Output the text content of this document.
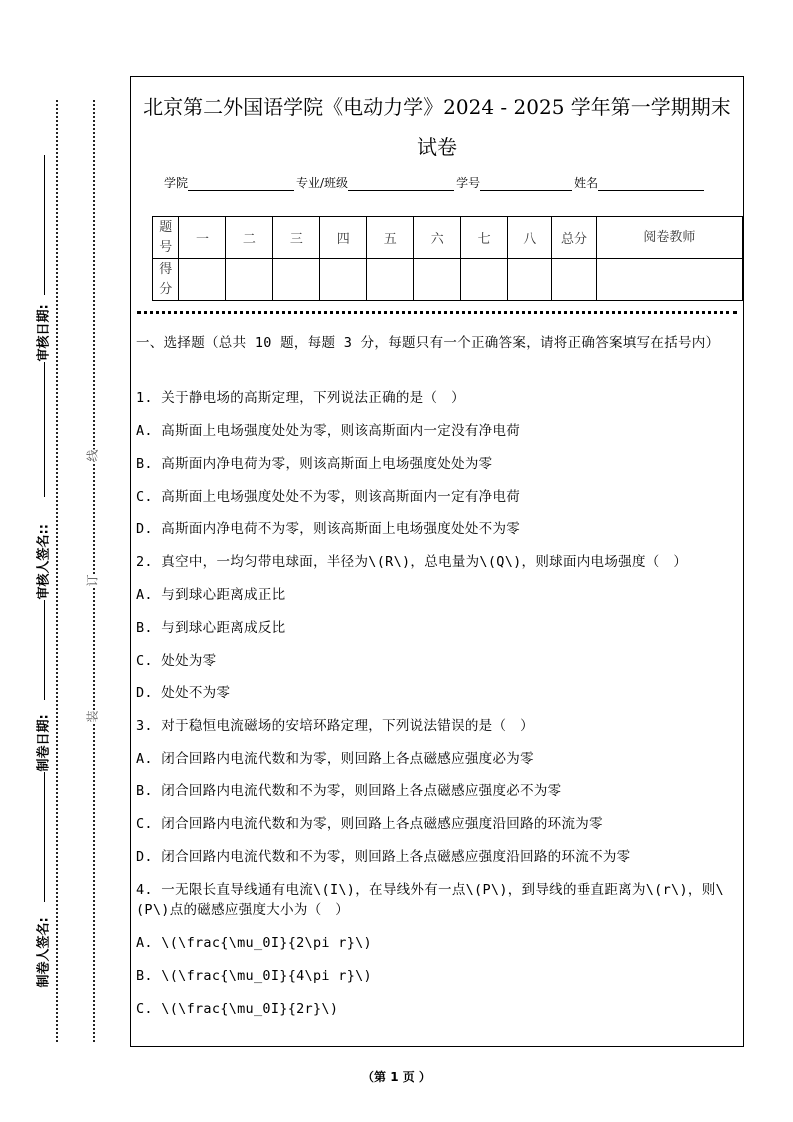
审核日期:
审核人签名::
制卷日期:
制卷人签名:
线
订
装
北京第二外国语学院《电动力学》2024 - 2025 学年第一学期期末
试卷
学院	专业/班级	学号	姓名
题号	一	二	三	四	五	六	七	八	总分	阅卷教师
得分										
一、选择题（总共 10 题，每题 3 分，每题只有一个正确答案，请将正确答案填写在括号内）
1. 关于静电场的高斯定理，下列说法正确的是（　）
A. 高斯面上电场强度处处为零，则该高斯面内一定没有净电荷
B. 高斯面内净电荷为零，则该高斯面上电场强度处处为零
C. 高斯面上电场强度处处不为零，则该高斯面内一定有净电荷
D. 高斯面内净电荷不为零，则该高斯面上电场强度处处不为零
2. 真空中，一均匀带电球面，半径为\(R\)，总电量为\(Q\)，则球面内电场强度（　）
A. 与到球心距离成正比
B. 与到球心距离成反比
C. 处处为零
D. 处处不为零
3. 对于稳恒电流磁场的安培环路定理，下列说法错误的是（　）
A. 闭合回路内电流代数和为零，则回路上各点磁感应强度必为零
B. 闭合回路内电流代数和不为零，则回路上各点磁感应强度必不为零
C. 闭合回路内电流代数和为零，则回路上各点磁感应强度沿回路的环流为零
D. 闭合回路内电流代数和不为零，则回路上各点磁感应强度沿回路的环流不为零
4. 一无限长直导线通有电流\(I\)，在导线外有一点\(P\)，到导线的垂直距离为\(r\)，则\(P\)点的磁感应强度大小为（　）
A. \(\frac{\mu_0I}{2\pi r}\)
B. \(\frac{\mu_0I}{4\pi r}\)
C. \(\frac{\mu_0I}{2r}\)
（第 1 页 ）
